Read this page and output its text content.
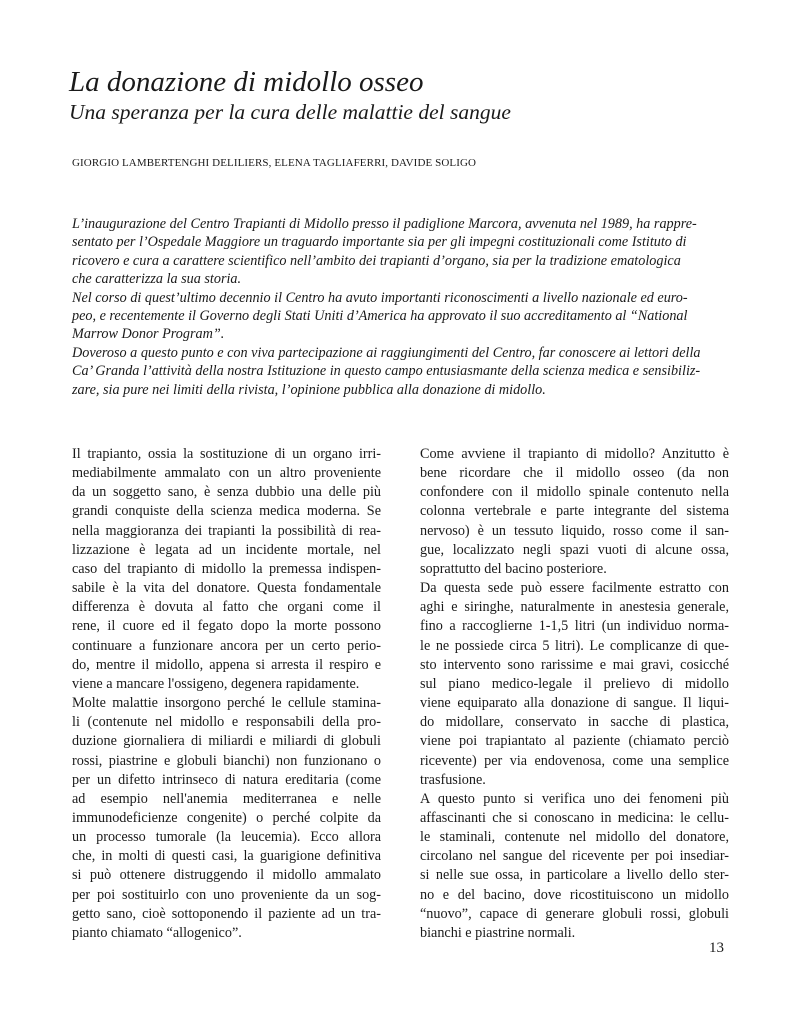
La donazione di midollo osseo
Una speranza per la cura delle malattie del sangue
GIORGIO LAMBERTENGHI DELILIERS, ELENA TAGLIAFERRI, DAVIDE SOLIGO
L’inaugurazione del Centro Trapianti di Midollo presso il padiglione Marcora, avvenuta nel 1989, ha rappre-
sentato per l’Ospedale Maggiore un traguardo importante sia per gli impegni costituzionali come Istituto di
ricovero e cura a carattere scientifico nell’ambito dei trapianti d’organo, sia per la tradizione ematologica
che caratterizza la sua storia.
Nel corso di quest’ultimo decennio il Centro ha avuto importanti riconoscimenti a livello nazionale ed euro-
peo, e recentemente il Governo degli Stati Uniti d’America ha approvato il suo accreditamento al “National
Marrow Donor Program”.
Doveroso a questo punto e con viva partecipazione ai raggiungimenti del Centro, far conoscere ai lettori della
Ca’ Granda l’attività della nostra Istituzione in questo campo entusiasmante della scienza medica e sensibiliz-
zare, sia pure nei limiti della rivista, l’opinione pubblica alla donazione di midollo.
Il trapianto, ossia la sostituzione di un organo irri-
mediabilmente ammalato con un altro proveniente
da un soggetto sano, è senza dubbio una delle più
grandi conquiste della scienza medica moderna. Se
nella maggioranza dei trapianti la possibilità di rea-
lizzazione è legata ad un incidente mortale, nel
caso del trapianto di midollo la premessa indispen-
sabile è la vita del donatore. Questa fondamentale
differenza è dovuta al fatto che organi come il
rene, il cuore ed il fegato dopo la morte possono
continuare a funzionare ancora per un certo perio-
do, mentre il midollo, appena si arresta il respiro e
viene a mancare l'ossigeno, degenera rapidamente.
Molte malattie insorgono perché le cellule stamina-
li (contenute nel midollo e responsabili della pro-
duzione giornaliera di miliardi e miliardi di globuli
rossi, piastrine e globuli bianchi) non funzionano o
per un difetto intrinseco di natura ereditaria (come
ad esempio nell'anemia mediterranea e nelle
immunodeficienze congenite) o perché colpite da
un processo tumorale (la leucemia). Ecco allora
che, in molti di questi casi, la guarigione definitiva
si può ottenere distruggendo il midollo ammalato
per poi sostituirlo con uno proveniente da un sog-
getto sano, cioè sottoponendo il paziente ad un tra-
pianto chiamato “allogenico”.
Come avviene il trapianto di midollo? Anzitutto è
bene ricordare che il midollo osseo (da non
confondere con il midollo spinale contenuto nella
colonna vertebrale e parte integrante del sistema
nervoso) è un tessuto liquido, rosso come il san-
gue, localizzato negli spazi vuoti di alcune ossa,
soprattutto del bacino posteriore.
Da questa sede può essere facilmente estratto con
aghi e siringhe, naturalmente in anestesia generale,
fino a raccoglierne 1-1,5 litri (un individuo norma-
le ne possiede circa 5 litri). Le complicanze di que-
sto intervento sono rarissime e mai gravi, cosicché
sul piano medico-legale il prelievo di midollo
viene equiparato alla donazione di sangue. Il liqui-
do midollare, conservato in sacche di plastica,
viene poi trapiantato al paziente (chiamato perciò
ricevente) per via endovenosa, come una semplice
trasfusione.
A questo punto si verifica uno dei fenomeni più
affascinanti che si conoscano in medicina: le cellu-
le staminali, contenute nel midollo del donatore,
circolano nel sangue del ricevente per poi insediar-
si nelle sue ossa, in particolare a livello dello ster-
no e del bacino, dove ricostituiscono un midollo
“nuovo”, capace di generare globuli rossi, globuli
bianchi e piastrine normali.
13
